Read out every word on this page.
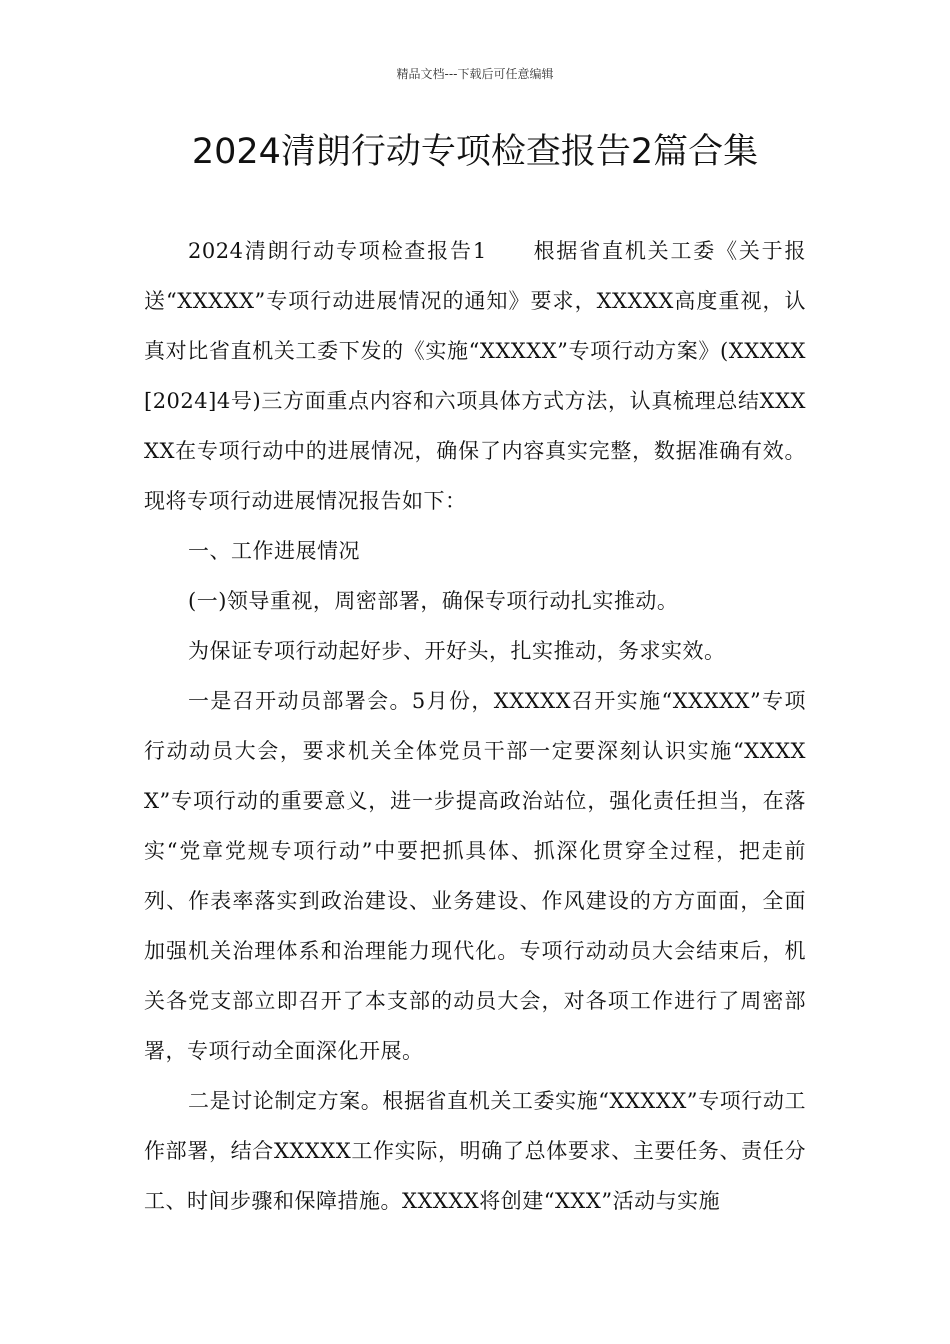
精品文档---下载后可任意编辑
2024清朗行动专项检查报告2篇合集

2024清朗行动专项检查报告1　　根据省直机关工委《关于报送“XXXXX”专项行动进展情况的通知》要求，XXXXX高度重视，认真对比省直机关工委下发的《实施“XXXXX”专项行动方案》(XXXXX[2024]4号)三方面重点内容和六项具体方式方法，认真梳理总结XXXXX在专项行动中的进展情况，确保了内容真实完整，数据准确有效。现将专项行动进展情况报告如下：

一、工作进展情况

(一)领导重视，周密部署，确保专项行动扎实推动。

为保证专项行动起好步、开好头，扎实推动，务求实效。

一是召开动员部署会。5月份，XXXXX召开实施“XXXXX”专项行动动员大会，要求机关全体党员干部一定要深刻认识实施“XXXXX”专项行动的重要意义，进一步提高政治站位，强化责任担当，在落实“党章党规专项行动”中要把抓具体、抓深化贯穿全过程，把走前列、作表率落实到政治建设、业务建设、作风建设的方方面面，全面加强机关治理体系和治理能力现代化。专项行动动员大会结束后，机关各党支部立即召开了本支部的动员大会，对各项工作进行了周密部署，专项行动全面深化开展。

二是讨论制定方案。根据省直机关工委实施“XXXXX”专项行动工作部署，结合XXXXX工作实际，明确了总体要求、主要任务、责任分工、时间步骤和保障措施。XXXXX将创建“XXX”活动与实施
